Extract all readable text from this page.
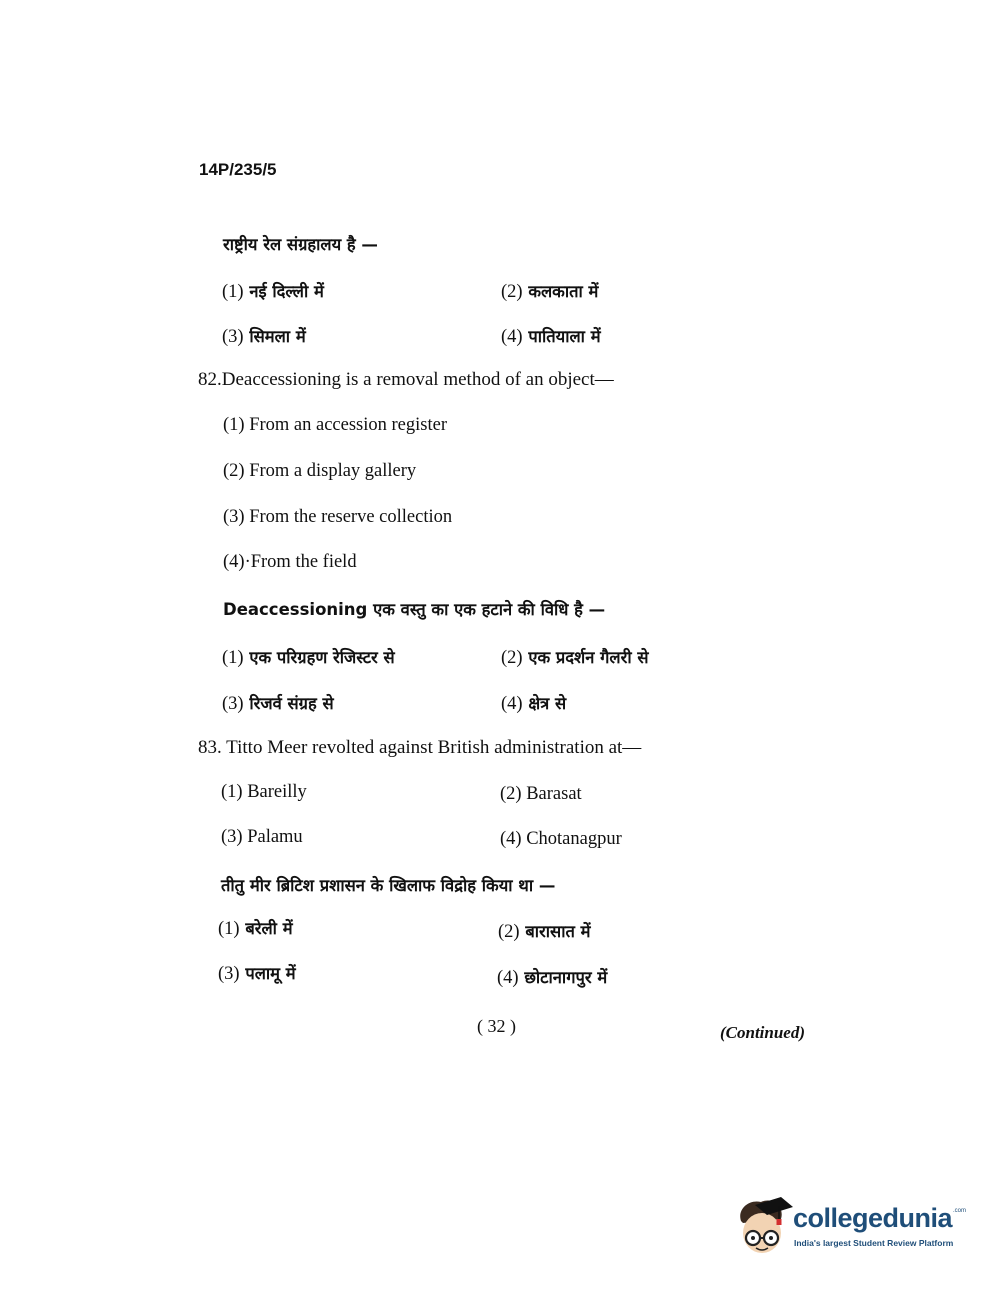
14P/235/5
राष्ट्रीय रेल संग्रहालय है —
(1) नई दिल्ली में	(2) कलकाता में
(3) सिमला में	(4) पातियाला में
82.Deaccessioning is a removal method of an object—
(1) From an accession register
(2) From a display gallery
(3) From the reserve collection
(4)·From the field
Deaccessioning एक वस्तु का एक हटाने की विधि है —
(1) एक परिग्रहण रेजिस्टर से	(2) एक प्रदर्शन गैलरी से
(3) रिजर्व संग्रह से	(4) क्षेत्र से
83. Titto Meer revolted against British administration at—
(1) Bareilly	(2) Barasat
(3) Palamu	(4) Chotanagpur
तीतु मीर ब्रिटिश प्रशासन के खिलाफ विद्रोह किया था —
(1) बरेली में	(2) बारासात में
(3) पलामू में	(4) छोटानागपुर में
( 32 )	(Continued)
collegedunia .com
India's largest Student Review Platform
